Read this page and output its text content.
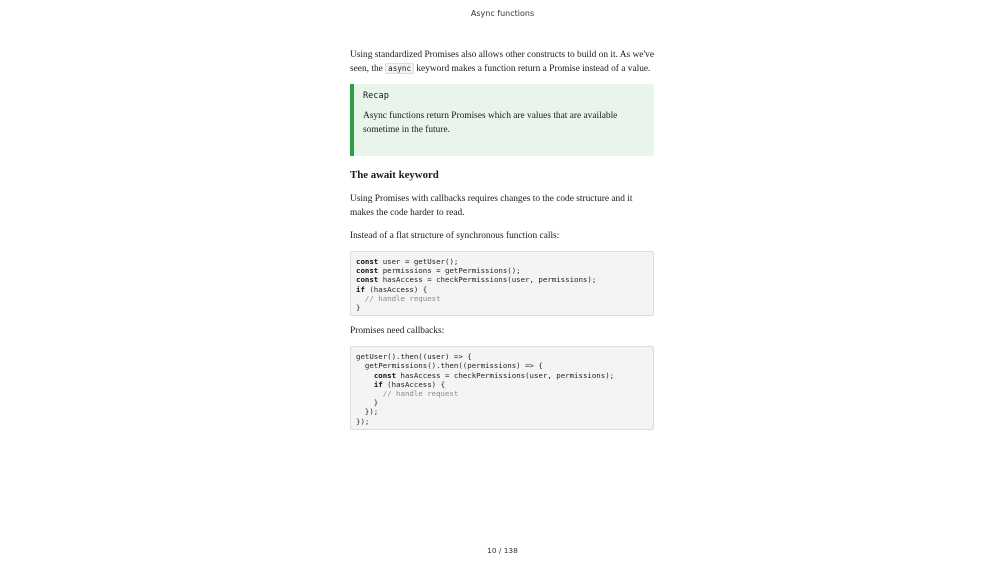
Async functions

Using standardized Promises also allows other constructs to build on it. As we've seen, the async keyword makes a function return a Promise instead of a value.

Recap

Async functions return Promises which are values that are available sometime in the future.

The await keyword

Using Promises with callbacks requires changes to the code structure and it makes the code harder to read.

Instead of a flat structure of synchronous function calls:

const user = getUser();
const permissions = getPermissions();
const hasAccess = checkPermissions(user, permissions);
if (hasAccess) {
// handle request
}

Promises need callbacks:

getUser().then((user) => {
getPermissions().then((permissions) => {
const hasAccess = checkPermissions(user, permissions);
if (hasAccess) {
// handle request
}
});
});
10 / 138
